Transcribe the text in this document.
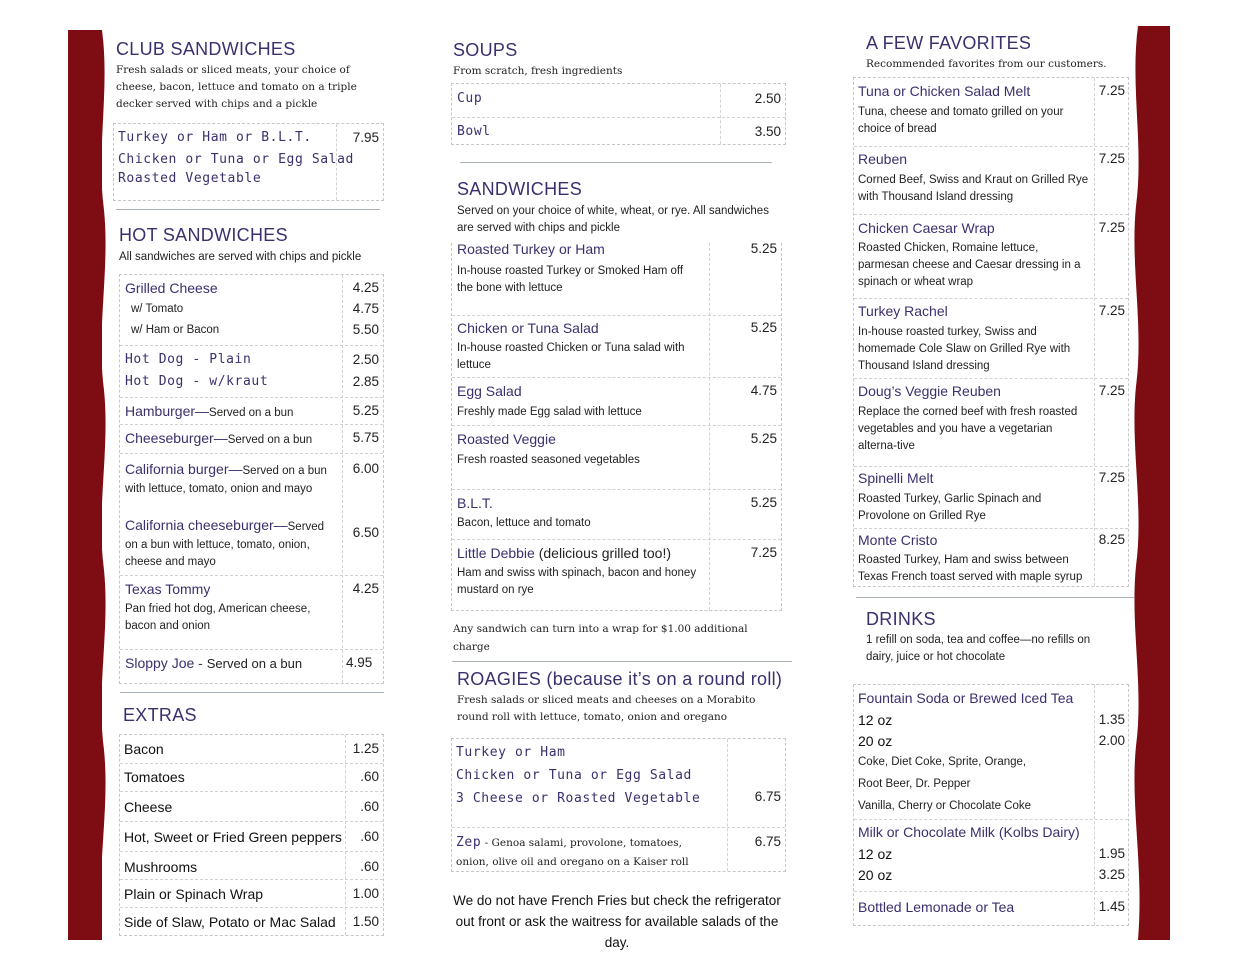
CLUB SANDWICHES
Fresh salads or sliced meats, your choice of cheese, bacon, lettuce and tomato on a triple decker served with chips and a pickle
Turkey or Ham or B.L.T.
Chicken or Tuna or Egg Salad
Roasted Vegetable
7.95
HOT SANDWICHES
All sandwiches are served with chips and pickle
Grilled Cheese	4.25
w/ Tomato	4.75
w/ Ham or Bacon	5.50
Hot Dog - Plain	2.50
Hot Dog - w/kraut	2.85
Hamburger—Served on a bun	5.25
Cheeseburger—Served on a bun	5.75
California burger—Served on a bun
with lettuce, tomato, onion and mayo
6.00
California cheeseburger—Served
on a bun with lettuce, tomato, onion, cheese and mayo
6.50
Texas Tommy
Pan fried hot dog, American cheese, bacon and onion
4.25
Sloppy Joe - Served on a bun	4.95
EXTRAS
Bacon	1.25
Tomatoes	.60
Cheese	.60
Hot, Sweet or Fried Green peppers .60
Mushrooms	.60
Plain or Spinach Wrap	1.00
Side of Slaw, Potato or Mac Salad 1.50
SOUPS
From scratch, fresh ingredients
Cup	2.50
Bowl	3.50
SANDWICHES
Served on your choice of white, wheat, or rye. All sandwiches are served with chips and pickle
Roasted Turkey or Ham
In-house roasted Turkey or Smoked Ham off the bone with lettuce
5.25
Chicken or Tuna Salad
In-house roasted Chicken or Tuna salad with lettuce
5.25
Egg Salad
Freshly made Egg salad with lettuce
4.75
Roasted Veggie
Fresh roasted seasoned vegetables
5.25
B.L.T.
Bacon, lettuce and tomato
5.25
Little Debbie (delicious grilled too!)
Ham and swiss with spinach, bacon and honey mustard on rye
7.25
Any sandwich can turn into a wrap for $1.00 additional charge
ROAGIES (because it’s on a round roll)
Fresh salads or sliced meats and cheeses on a Morabito round roll with lettuce, tomato, onion and oregano
Turkey or Ham
Chicken or Tuna or Egg Salad
3 Cheese or Roasted Vegetable	6.75
Zep - Genoa salami, provolone, tomatoes, onion, olive oil and oregano on a Kaiser roll
6.75
We do not have French Fries but check the refrigerator out front or ask the waitress for available salads of the day.
A FEW FAVORITES
Recommended favorites from our customers.
Tuna or Chicken Salad Melt
Tuna, cheese and tomato grilled on your choice of bread
7.25
Reuben
Corned Beef, Swiss and Kraut on Grilled Rye with Thousand Island dressing
7.25
Chicken Caesar Wrap
Roasted Chicken, Romaine lettuce, parmesan cheese and Caesar dressing in a spinach or wheat wrap
7.25
Turkey Rachel
In-house roasted turkey, Swiss and homemade Cole Slaw on Grilled Rye with Thousand Island dressing
7.25
Doug’s Veggie Reuben
Replace the corned beef with fresh roasted vegetables and you have a vegetarian alterna-tive
7.25
Spinelli Melt
Roasted Turkey, Garlic Spinach and Provolone on Grilled Rye
7.25
Monte Cristo
Roasted Turkey, Ham and swiss between Texas French toast served with maple syrup
8.25
DRINKS
1 refill on soda, tea and coffee—no refills on dairy, juice or hot chocolate
Fountain Soda or Brewed Iced Tea
12 oz	1.35
20 oz	2.00
Coke, Diet Coke, Sprite, Orange,
Root Beer, Dr. Pepper
Vanilla, Cherry or Chocolate Coke
Milk or Chocolate Milk (Kolbs Dairy)
12 oz	1.95
20 oz	3.25
Bottled Lemonade or Tea	1.45
